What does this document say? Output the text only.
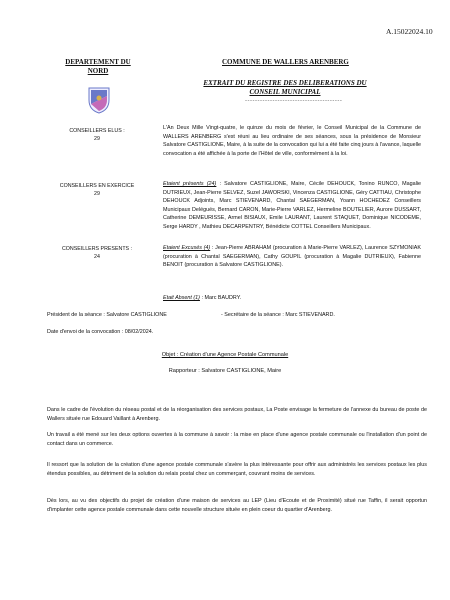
A.15022024.10
DEPARTEMENT DU NORD
COMMUNE DE WALLERS ARENBERG
EXTRAIT DU REGISTRE DES DELIBERATIONS DU CONSEIL MUNICIPAL
---------------------------------------
CONSEILLERS ELUS :
29

L'An Deux Mille Vingt-quatre, le quinze du mois de février, le Conseil Municipal de la Commune de WALLERS ARENBERG s'est réuni au lieu ordinaire de ses séances, sous la présidence de Monsieur Salvatore CASTIGLIONE, Maire, à la suite de la convocation qui lui a été faite cinq jours à l'avance, laquelle convocation a été affichée à la porte de l'Hôtel de ville, conformément à la loi.

CONSEILLERS EN EXERCICE
29

Etaient présents (24) : Salvatore CASTIGLIONE, Maire, Cécile DEHOUCK, Tonino RUNCO, Magalie DUTRIEUX, Jean-Pierre SELVEZ, Suzel JAWORSKI, Vincenza CASTIGLIONE, Géry CATTIAU, Christophe DEHOUCK Adjoints, Marc STIEVENARD, Chantal SAEGERMAN, Yoann HOCHEDEZ Conseillers Municipaux Delégués, Bernard CARON, Marie-Pierre VARLEZ, Hermeline BOUTELIER, Aurore DUSSART, Catherine DEMEURISSE, Armel BISIAUX, Emile LAURANT, Laurent STAQUET, Dominique NICODEME, Serge HARDY , Mathieu DECARPENTRY, Bénédicte COTTEL Conseillers Municipaux.

CONSEILLERS PRESENTS :
24

Etaient Excusés (4) : Jean-Pierre ABRAHAM (procuration à Marie-Pierre VARLEZ), Laurence SZYMONIAK (procuration à Chantal SAEGERMAN), Cathy GOUPIL (procuration à Magalie DUTRIEUX), Fabienne BENOIT (procuration à Salvatore CASTIGLIONE).

Etait Absent (1) : Marc BAUDRY.

Président de la séance : Salvatore CASTIGLIONE	- Secrétaire de la séance : Marc STIEVENARD.
Date d'envoi de la convocation : 08/02/2024.
Objet : Création d'une Agence Postale Communale
Rapporteur : Salvatore CASTIGLIONE, Maire

Dans le cadre de l'évolution du réseau postal et de la réorganisation des services postaux, La Poste envisage la fermeture de l'annexe du bureau de poste de Wallers située rue Edouard Vaillant à Arenberg.

Un travail a été mené sur les deux options ouvertes à la commune à savoir : la mise en place d'une agence postale communale ou l'installation d'un point de contact dans un commerce.

Il ressort que la solution de la création d'une agence postale communale s'avère la plus intéressante pour offrir aux administrés les services postaux les plus étendus possibles, au détriment de la solution du relais postal chez un commerçant, couvrant moins de services.

Dès lors, au vu des objectifs du projet de création d'une maison de services au LEP (Lieu d'Ecoute et de Proximité) situé rue Taffin, il serait opportun d'implanter cette agence postale communale dans cette nouvelle structure située en plein coeur du quartier d'Arenberg.
